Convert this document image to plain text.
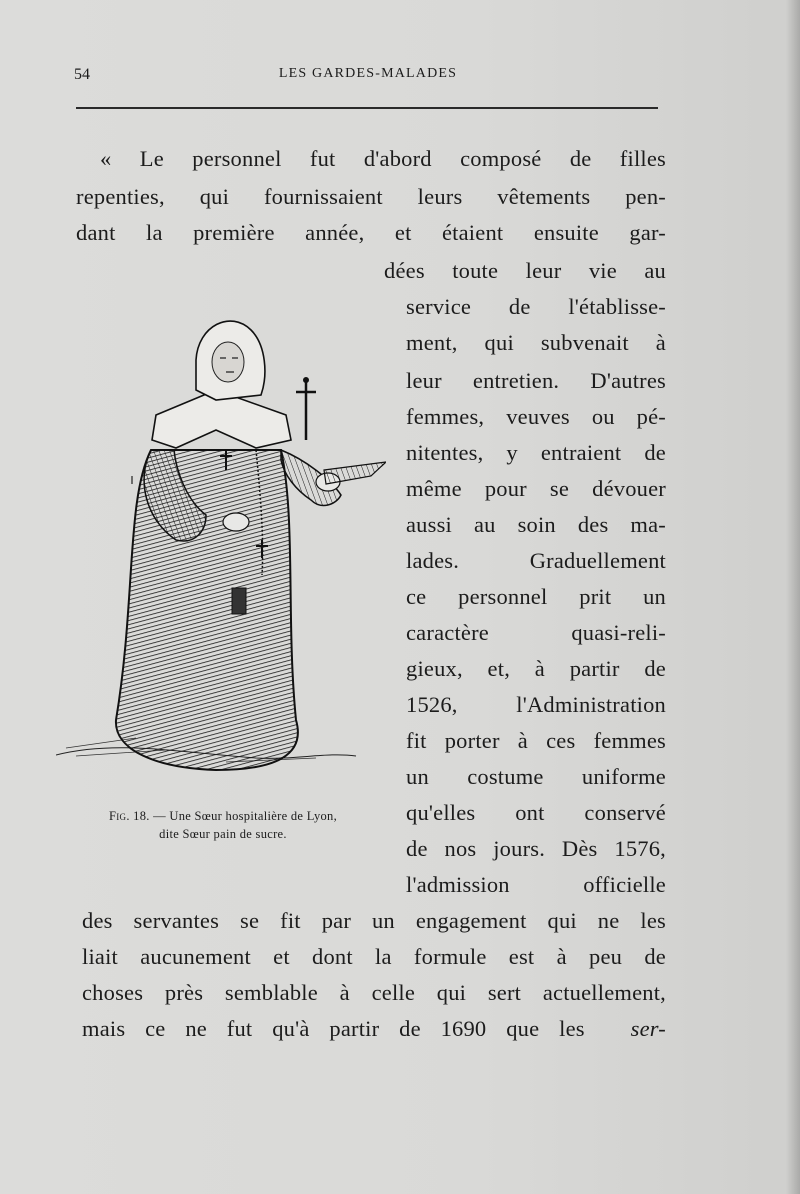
54	LES GARDES-MALADES
« Le personnel fut d'abord composé de filles
repenties, qui fournissaient leurs vêtements pen-
dant la première année, et étaient ensuite gar-
dées toute leur vie au
service de l'établisse-
ment, qui subvenait à
leur entretien. D'autres
femmes, veuves ou pé-
nitentes, y entraient de
même pour se dévouer
aussi au soin des ma-
lades. Graduellement
ce personnel prit un
caractère quasi-reli-
gieux, et, à partir de
1526, l'Administration
fit porter à ces femmes
un costume uniforme
qu'elles ont conservé
de nos jours. Dès 1576,
l'admission officielle
des servantes se fit par un engagement qui ne les
liait aucunement et dont la formule est à peu de
choses près semblable à celle qui sert actuellement,
mais ce ne fut qu'à partir de 1690 que les ser-
Fig. 18. — Une Sœur hospitalière de Lyon,
dite Sœur pain de sucre.
